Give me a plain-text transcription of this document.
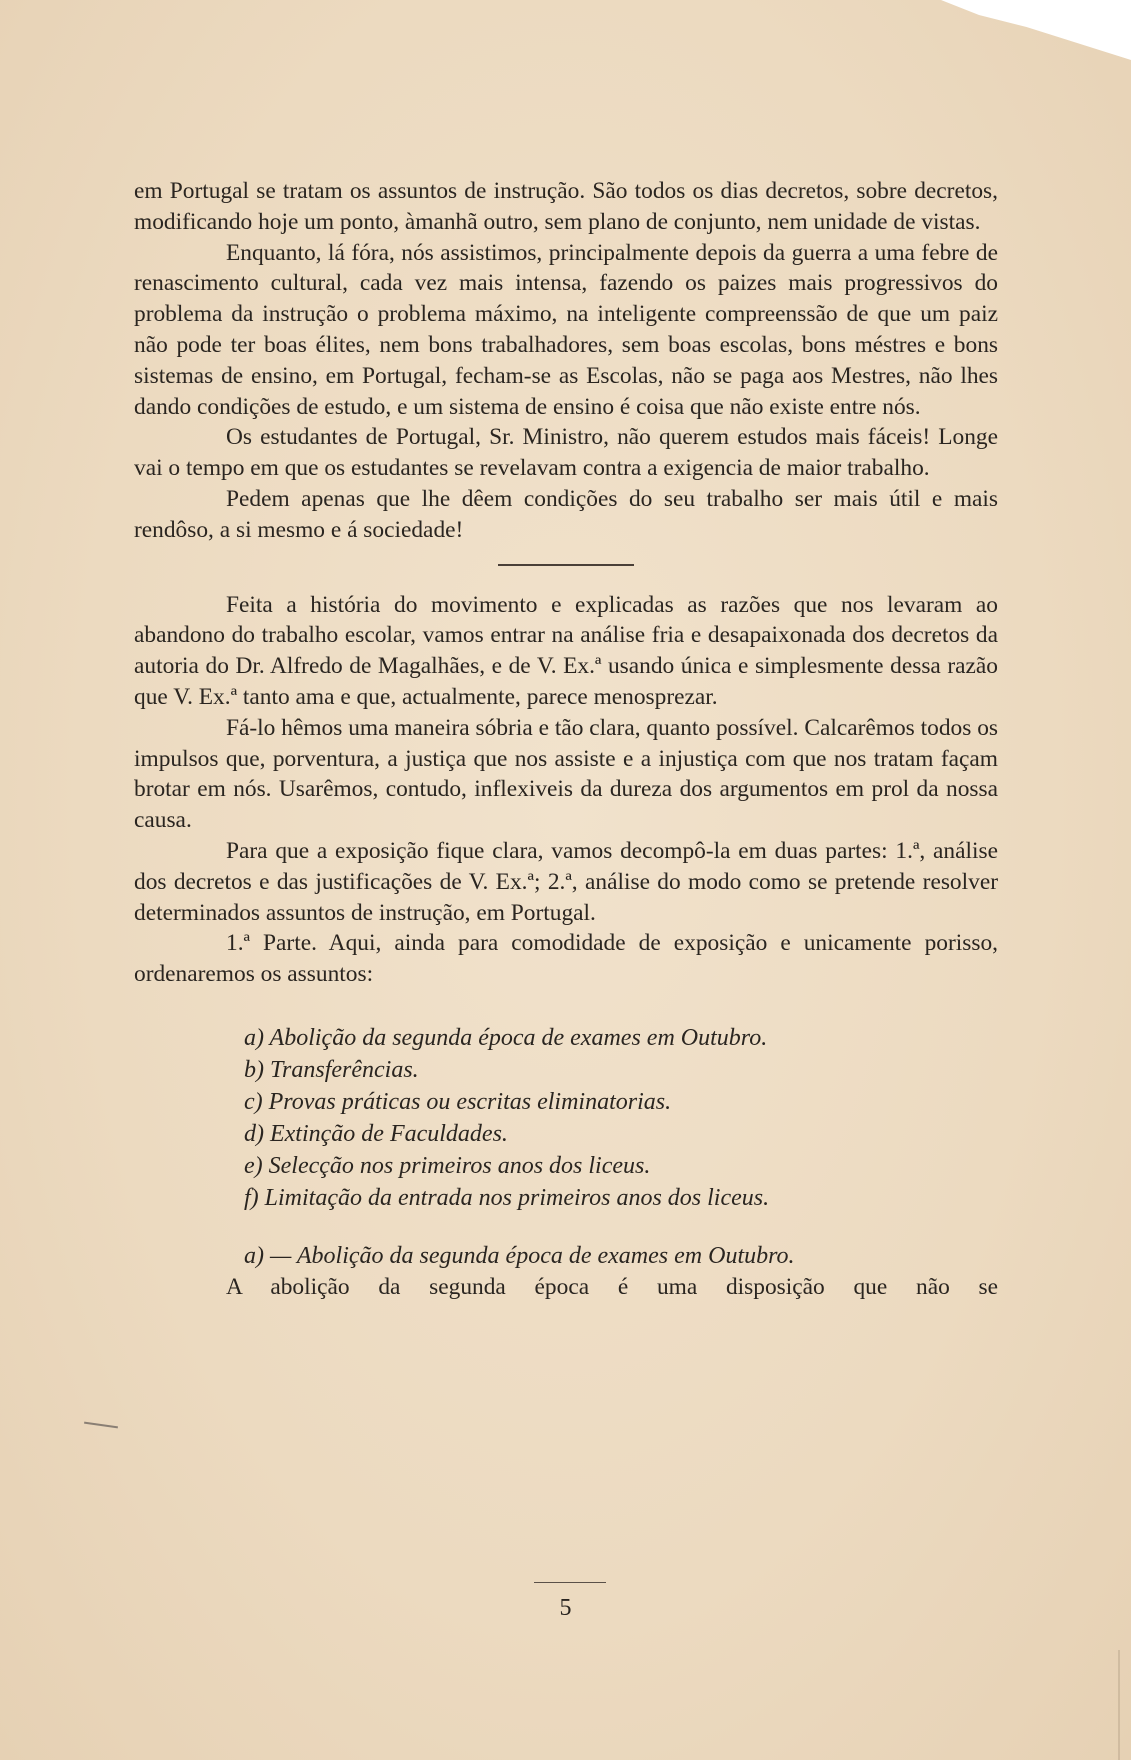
em Portugal se tratam os assuntos de instrução. São todos os dias decretos, sobre decretos, modificando hoje um ponto, àmanhã outro, sem plano de conjunto, nem unidade de vistas.

Enquanto, lá fóra, nós assistimos, principalmente depois da guerra a uma febre de renascimento cultural, cada vez mais intensa, fazendo os paizes mais progressivos do problema da instrução o problema máximo, na inteligente compreenssão de que um paiz não pode ter boas élites, nem bons trabalhadores, sem boas escolas, bons méstres e bons sistemas de ensino, em Portugal, fecham-se as Escolas, não se paga aos Mestres, não lhes dando condições de estudo, e um sistema de ensino é coisa que não existe entre nós.

Os estudantes de Portugal, Sr. Ministro, não querem estudos mais fáceis! Longe vai o tempo em que os estudantes se revelavam contra a exigencia de maior trabalho.

Pedem apenas que lhe dêem condições do seu trabalho ser mais útil e mais rendôso, a si mesmo e á sociedade!

Feita a história do movimento e explicadas as razões que nos levaram ao abandono do trabalho escolar, vamos entrar na análise fria e desapaixonada dos decretos da autoria do Dr. Alfredo de Magalhães, e de V. Ex.ª usando única e simplesmente dessa razão que V. Ex.ª tanto ama e que, actualmente, parece menosprezar.

Fá-lo hêmos uma maneira sóbria e tão clara, quanto possível. Calcarêmos todos os impulsos que, porventura, a justiça que nos assiste e a injustiça com que nos tratam façam brotar em nós. Usarêmos, contudo, inflexiveis da dureza dos argumentos em prol da nossa causa.

Para que a exposição fique clara, vamos decompô-la em duas partes: 1.ª, análise dos decretos e das justificações de V. Ex.ª; 2.ª, análise do modo como se pretende resolver determinados assuntos de instrução, em Portugal.

1.ª Parte. Aqui, ainda para comodidade de exposição e unicamente porisso, ordenaremos os assuntos:

a) Abolição da segunda época de exames em Outubro.
b) Transferências.
c) Provas práticas ou escritas eliminatorias.
d) Extinção de Faculdades.
e) Selecção nos primeiros anos dos liceus.
f) Limitação da entrada nos primeiros anos dos liceus.
a) — Abolição da segunda época de exames em Outubro.

A abolição da segunda época é uma disposição que não se

5
